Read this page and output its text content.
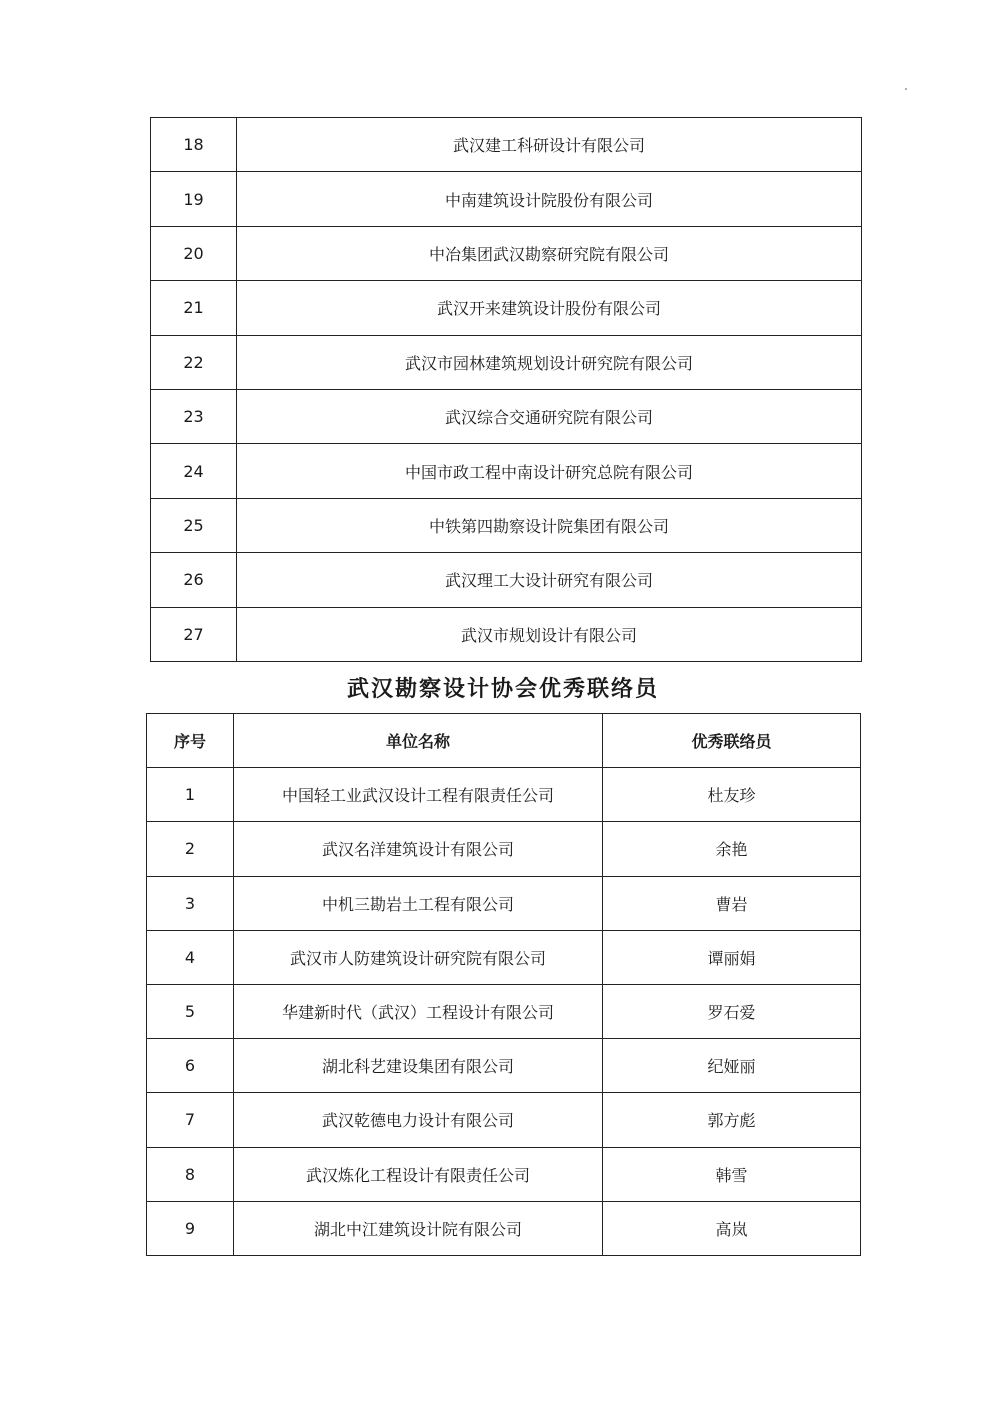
18	武汉建工科研设计有限公司
19	中南建筑设计院股份有限公司
20	中冶集团武汉勘察研究院有限公司
21	武汉开来建筑设计股份有限公司
22	武汉市园林建筑规划设计研究院有限公司
23	武汉综合交通研究院有限公司
24	中国市政工程中南设计研究总院有限公司
25	中铁第四勘察设计院集团有限公司
26	武汉理工大设计研究有限公司
27	武汉市规划设计有限公司
武汉勘察设计协会优秀联络员
序号	单位名称	优秀联络员
1	中国轻工业武汉设计工程有限责任公司	杜友珍
2	武汉名洋建筑设计有限公司	余艳
3	中机三勘岩土工程有限公司	曹岩
4	武汉市人防建筑设计研究院有限公司	谭丽娟
5	华建新时代（武汉）工程设计有限公司	罗石爱
6	湖北科艺建设集团有限公司	纪娅丽
7	武汉乾德电力设计有限公司	郭方彪
8	武汉炼化工程设计有限责任公司	韩雪
9	湖北中江建筑设计院有限公司	高岚
